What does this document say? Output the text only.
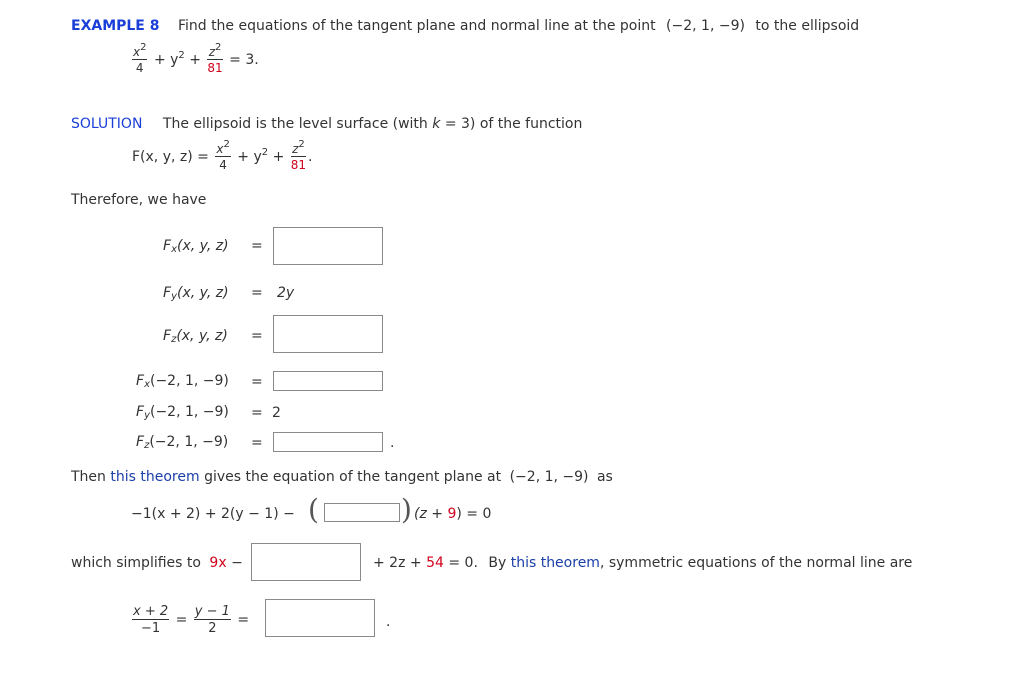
EXAMPLE 8 Find the equations of the tangent plane and normal line at the point (−2, 1, −9) to the ellipsoid
$\frac{x^2}{4} + y^2 + \frac{z^2}{81} = 3$.
SOLUTION The ellipsoid is the level surface (with k = 3) of the function
F(x, y, $z) = \frac{x^2}{4} + y^2 + \frac{z^2}{81}$ .
Therefore, we have
$F_x(x$, y, z) =
$F_y(x$, y, z) = 2y
$F_z(x$, y, z) =
$F_x(-2$, 1, −9) =
$F_y(-2$, 1, −9) = 2
$F_z(-2$, 1, −9) =	.
Then this theorem gives the equation of the tangent plane at (−2, 1, −9) as
−1(x + 2) + 2(y − 1) − (	) (z + 9) = 0
which simplifies to 9x −	+ 2z + 54 = 0. By this theorem, symmetric equations of the normal line are
$\frac{x + 2}{-1} = \frac{y - 1}{2}$ =	.
